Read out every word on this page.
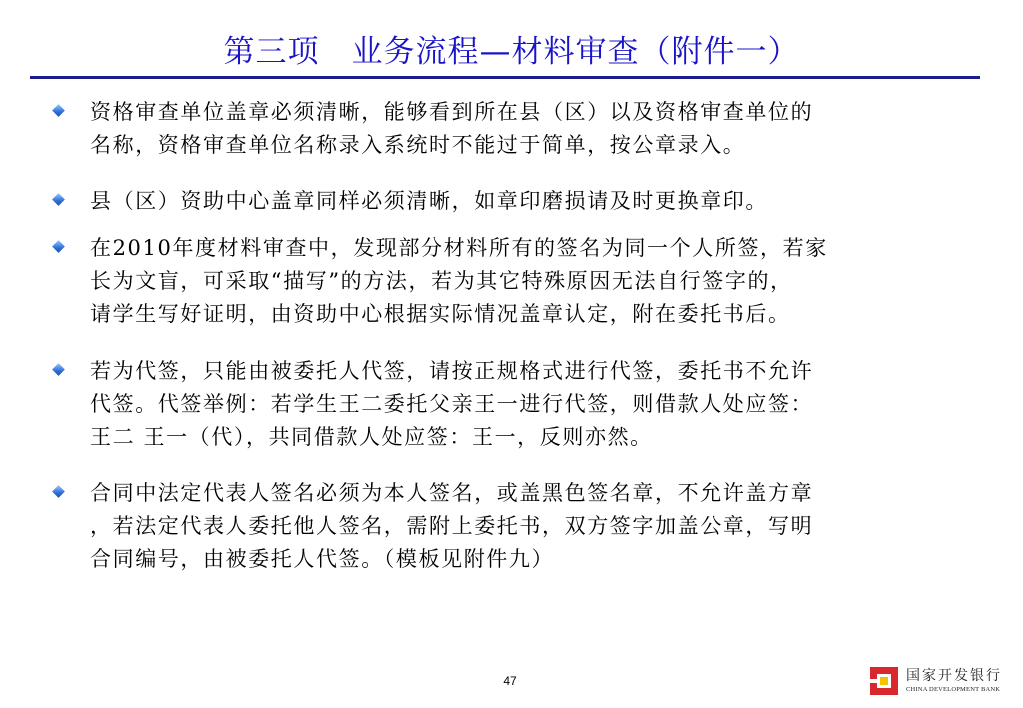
第三项　业务流程—材料审查（附件一）
资格审查单位盖章必须清晰，能够看到所在县（区）以及资格审查单位的
名称，资格审查单位名称录入系统时不能过于简单，按公章录入。
县（区）资助中心盖章同样必须清晰，如章印磨损请及时更换章印。
在2010年度材料审查中，发现部分材料所有的签名为同一个人所签，若家
长为文盲，可采取“描写”的方法，若为其它特殊原因无法自行签字的，
请学生写好证明，由资助中心根据实际情况盖章认定，附在委托书后。
若为代签，只能由被委托人代签，请按正规格式进行代签，委托书不允许
代签。代签举例：若学生王二委托父亲王一进行代签，则借款人处应签：
王二 王一（代），共同借款人处应签：王一，反则亦然。
合同中法定代表人签名必须为本人签名，或盖黑色签名章，不允许盖方章
，若法定代表人委托他人签名，需附上委托书，双方签字加盖公章，写明
合同编号，由被委托人代签。（模板见附件九）
47	国家开发银行
CHINA DEVELOPMENT BANK
